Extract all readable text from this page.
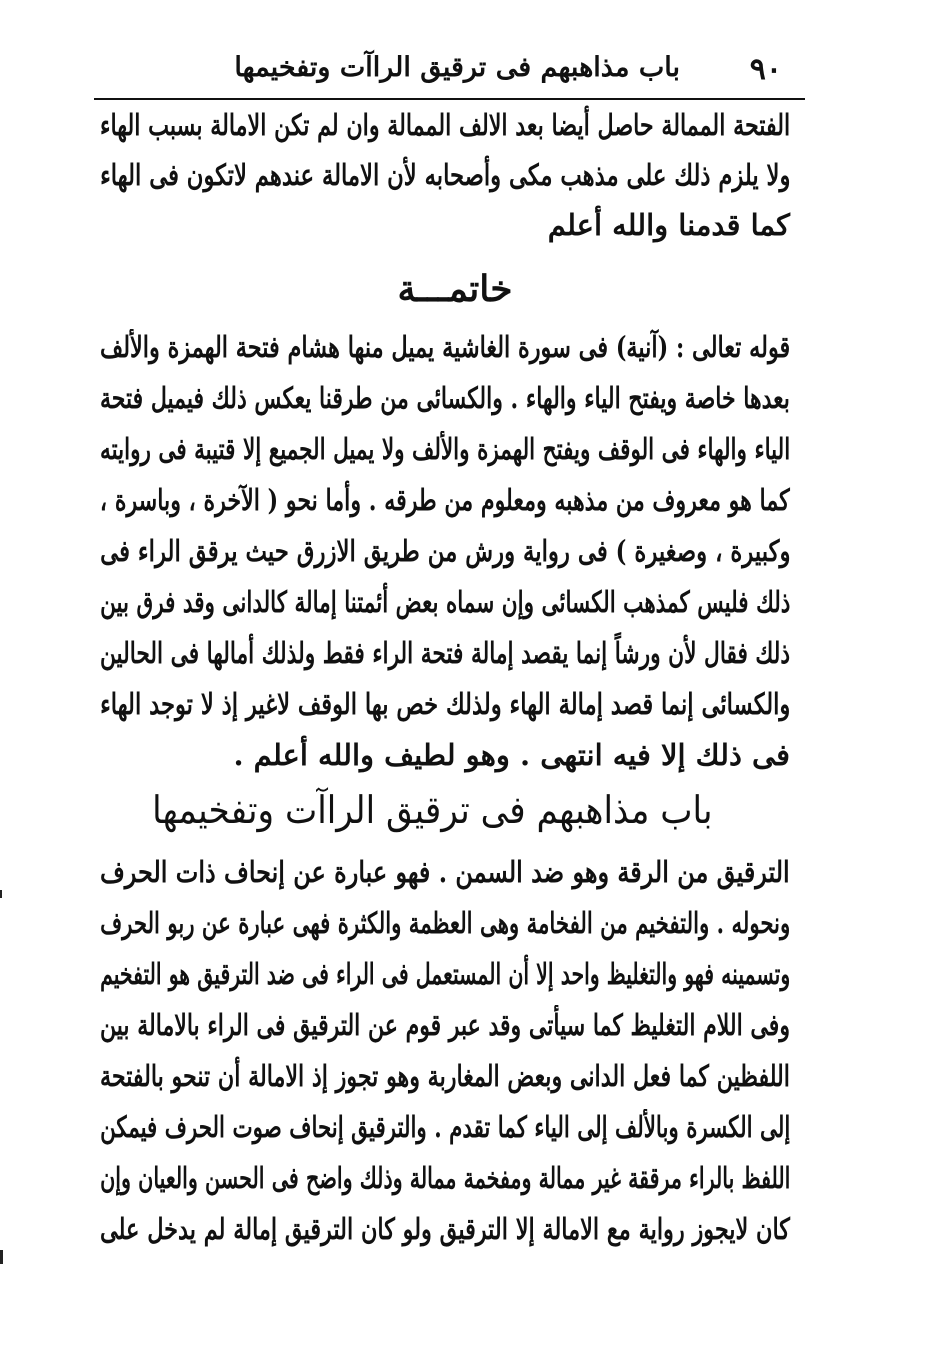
٩٠
باب مذاهبهم فى ترقيق الراآت وتفخيمها
الفتحة الممالة حاصل أيضا بعد الالف الممالة وان لم تكن الامالة بسبب الهاء
ولا يلزم ذلك على مذهب مكى وأصحابه لأن الامالة عندهم لاتكون فى الهاء
كما قدمنا والله أعلم
خاتمـــة
قوله تعالى : (آنية) فى سورة الغاشية يميل منها هشام فتحة الهمزة والألف
بعدها خاصة ويفتح الياء والهاء . والكسائى من طرقنا يعكس ذلك فيميل فتحة
الياء والهاء فى الوقف ويفتح الهمزة والألف ولا يميل الجميع إلا قتيبة فى روايته
كما هو معروف من مذهبه ومعلوم من طرقه . وأما نحو ( الآخرة ، وباسرة ،
وكبيرة ، وصغيرة ) فى رواية ورش من طريق الازرق حيث يرقق الراء فى
ذلك فليس كمذهب الكسائى وإن سماه بعض أئمتنا إمالة كالدانى وقد فرق بين
ذلك فقال لأن ورشاً إنما يقصد إمالة فتحة الراء فقط ولذلك أمالها فى الحالين
والكسائى إنما قصد إمالة الهاء ولذلك خص بها الوقف لاغير إذ لا توجد الهاء
فى ذلك إلا فيه انتهى . وهو لطيف والله أعلم .
باب مذاهبهم فى ترقيق الراآت وتفخيمها
الترقيق من الرقة وهو ضد السمن . فهو عبارة عن إنحاف ذات الحرف
ونحوله . والتفخيم من الفخامة وهى العظمة والكثرة فهى عبارة عن ربو الحرف
وتسمينه فهو والتغليظ واحد إلا أن المستعمل فى الراء فى ضد الترقيق هو التفخيم
وفى اللام التغليظ كما سيأتى وقد عبر قوم عن الترقيق فى الراء بالامالة بين
اللفظين كما فعل الدانى وبعض المغاربة وهو تجوز إذ الامالة أن تنحو بالفتحة
إلى الكسرة وبالألف إلى الياء كما تقدم . والترقيق إنحاف صوت الحرف فيمكن
اللفظ بالراء مرققة غير ممالة ومفخمة ممالة وذلك واضح فى الحسن والعيان وإن
كان لايجوز رواية مع الامالة إلا الترقيق ولو كان الترقيق إمالة لم يدخل على
